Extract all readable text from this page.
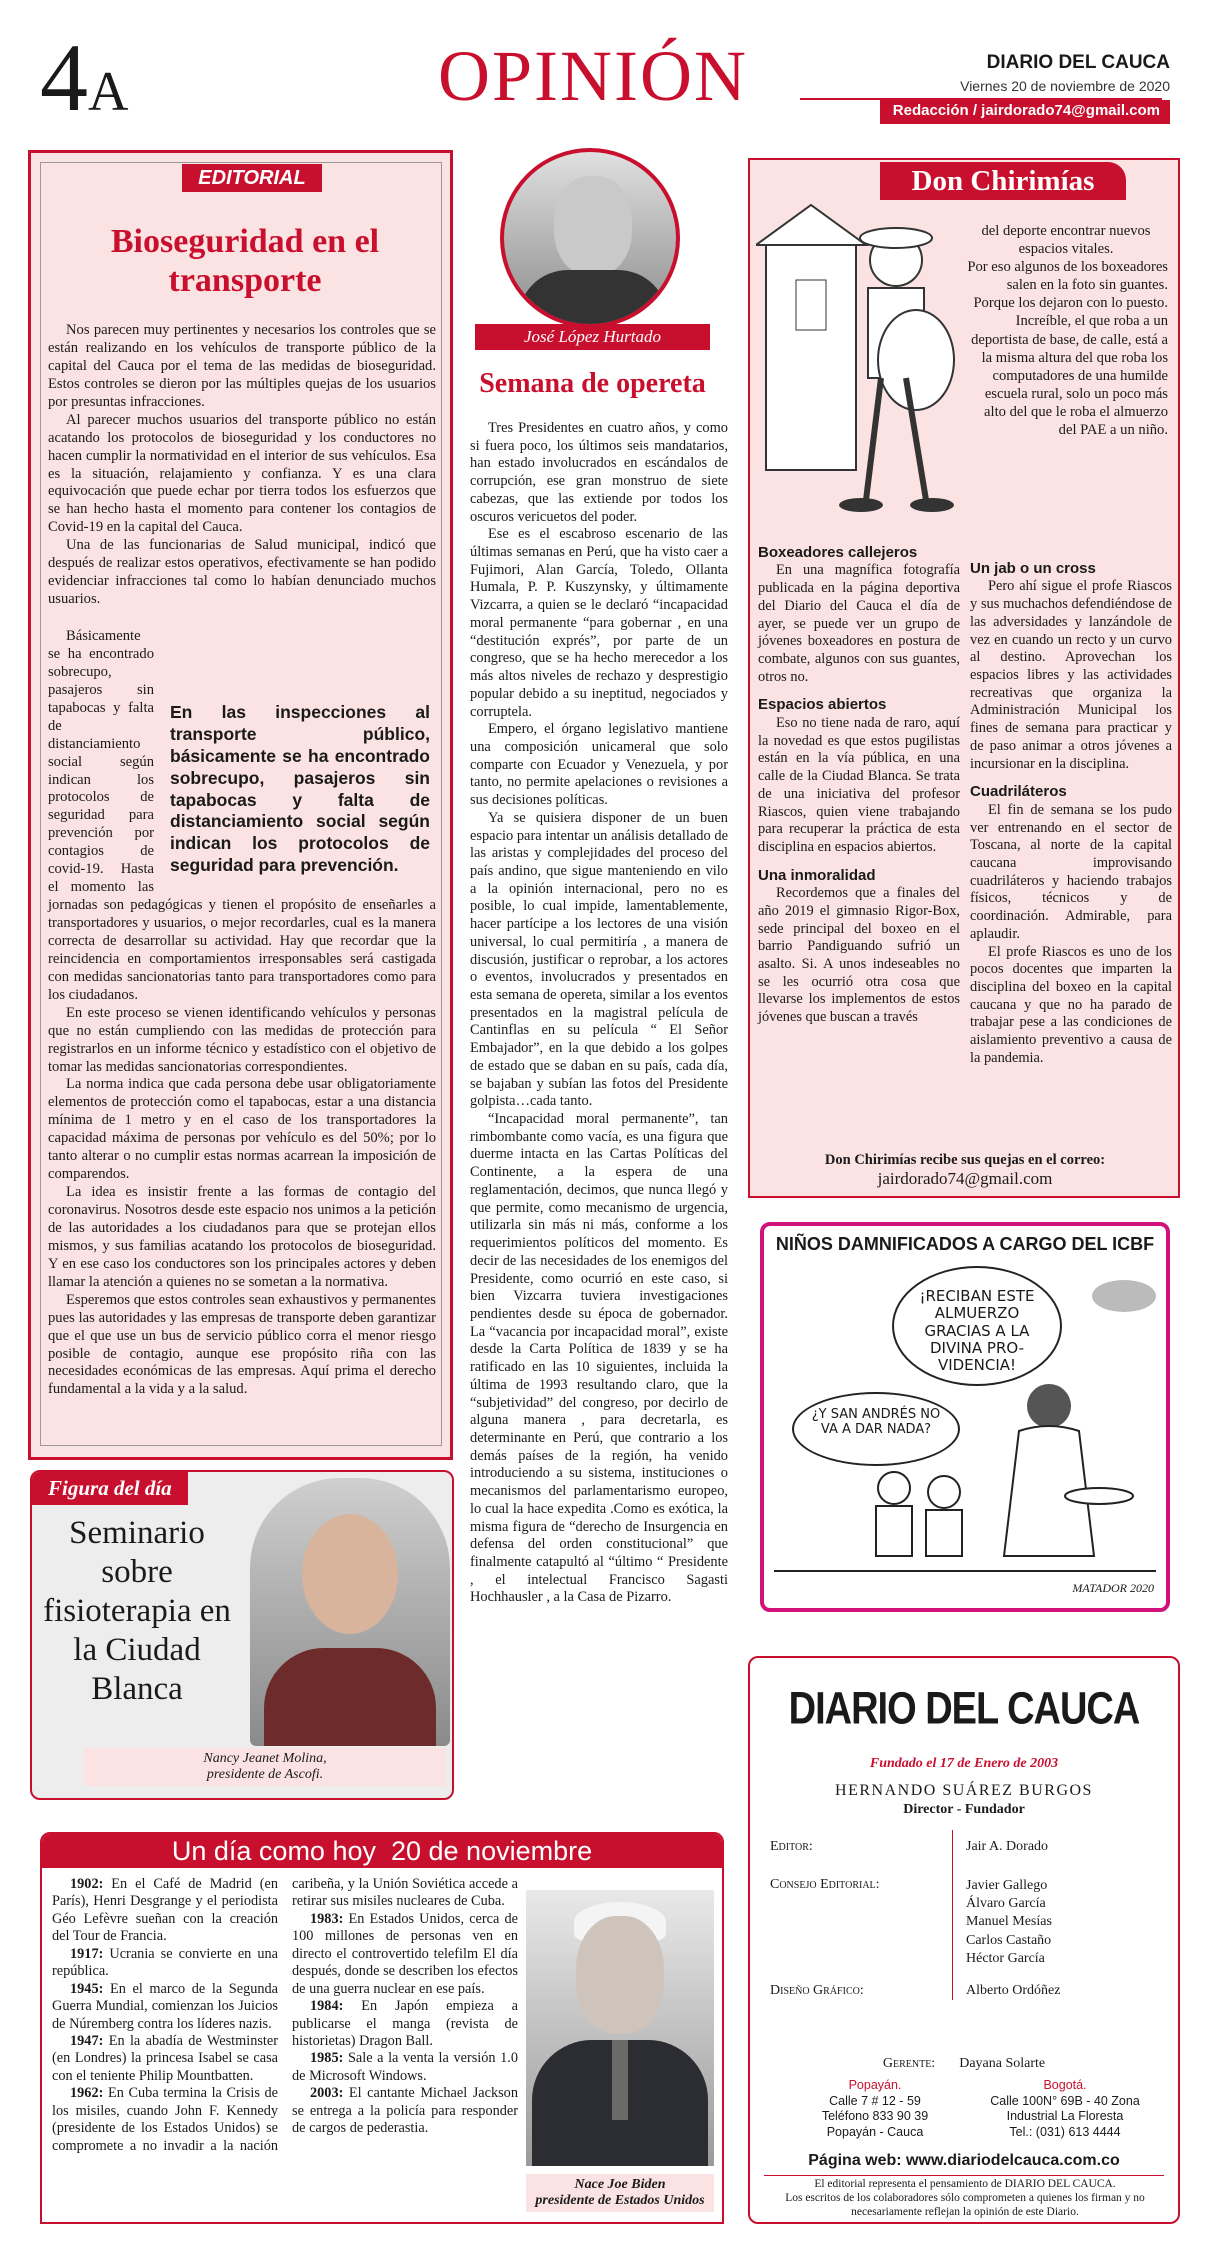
4A	OPINIÓN	DIARIO DEL CAUCA
Viernes 20 de noviembre de 2020
Redacción / jairdorado74@gmail.com
EDITORIAL
Bioseguridad en el transporte

Nos parecen muy pertinentes y necesarios los controles que se están realizando en los vehículos de transporte público de la capital del Cauca por el tema de las medidas de bioseguridad. Estos controles se dieron por las múltiples quejas de los usuarios por presuntas infracciones.

Al parecer muchos usuarios del transporte público no están acatando los protocolos de bioseguridad y los conductores no hacen cumplir la normatividad en el interior de sus vehículos. Esa es la situación, relajamiento y confianza. Y es una clara equivocación que puede echar por tierra todos los esfuerzos que se han hecho hasta el momento para contener los contagios de Covid-19 en la capital del Cauca.

Una de las funcionarias de Salud municipal, indicó que después de realizar estos operativos, efectivamente se han podido evidenciar infracciones tal como lo habían denunciado muchos usuarios.

En las inspecciones al transporte público, básicamente se ha encontrado sobrecupo, pasajeros sin tapabocas y falta de distanciamiento social según indican los protocolos de seguridad para prevención.

Básicamente se ha encontrado sobrecupo, pasajeros sin tapabocas y falta de distanciamiento social según indican los protocolos de seguridad para prevención por contagios de covid-19. Hasta el momento las jornadas son pedagógicas y tienen el propósito de enseñarles a transportadores y usuarios, o mejor recordarles, cual es la manera correcta de desarrollar su actividad. Hay que recordar que la reincidencia en comportamientos irresponsables será castigada con medidas sancionatorias tanto para transportadores como para los ciudadanos.

En este proceso se vienen identificando vehículos y personas que no están cumpliendo con las medidas de protección para registrarlos en un informe técnico y estadístico con el objetivo de tomar las medidas sancionatorias correspondientes.

La norma indica que cada persona debe usar obligatoriamente elementos de protección como el tapabocas, estar a una distancia mínima de 1 metro y en el caso de los transportadores la capacidad máxima de personas por vehículo es del 50%; por lo tanto alterar o no cumplir estas normas acarrean la imposición de comparendos.

La idea es insistir frente a las formas de contagio del coronavirus. Nosotros desde este espacio nos unimos a la petición de las autoridades a los ciudadanos para que se protejan ellos mismos, y sus familias acatando los protocolos de bioseguridad. Y en ese caso los conductores son los principales actores y deben llamar la atención a quienes no se sometan a la normativa.

Esperemos que estos controles sean exhaustivos y permanentes pues las autoridades y las empresas de transporte deben garantizar que el que use un bus de servicio público corra el menor riesgo posible de contagio, aunque ese propósito riña con las necesidades económicas de las empresas. Aquí prima el derecho fundamental a la vida y a la salud.

Figura del día
Seminario sobre fisioterapia en la Ciudad Blanca
Nancy Jeanet Molina,
presidente de Ascofi.
José López Hurtado
Semana de opereta

Tres Presidentes en cuatro años, y como si fuera poco, los últimos seis mandatarios, han estado involucrados en escándalos de corrupción, ese gran monstruo de siete cabezas, que las extiende por todos los oscuros vericuetos del poder.

Ese es el escabroso escenario de las últimas semanas en Perú, que ha visto caer a Fujimori, Alan García, Toledo, Ollanta Humala, P. P. Kuszynsky, y últimamente Vizcarra, a quien se le declaró “incapacidad moral permanente “para gobernar , en una “destitución exprés”, por parte de un congreso, que se ha hecho merecedor a los más altos niveles de rechazo y desprestigio popular debido a su ineptitud, negociados y corruptela.

Empero, el órgano legislativo mantiene una composición unicameral que solo comparte con Ecuador y Venezuela, y por tanto, no permite apelaciones o revisiones a sus decisiones políticas.

Ya se quisiera disponer de un buen espacio para intentar un análisis detallado de las aristas y complejidades del proceso del país andino, que sigue manteniendo en vilo a la opinión internacional, pero no es posible, lo cual impide, lamentablemente, hacer partícipe a los lectores de una visión universal, lo cual permitiría , a manera de discusión, justificar o reprobar, a los actores o eventos, involucrados y presentados en esta semana de opereta, similar a los eventos presentados en la magistral película de Cantinflas en su película “ El Señor Embajador”, en la que debido a los golpes de estado que se daban en su país, cada día, se bajaban y subían las fotos del Presidente golpista…cada tanto.

“Incapacidad moral permanente”, tan rimbombante como vacía, es una figura que duerme intacta en las Cartas Políticas del Continente, a la espera de una reglamentación, decimos, que nunca llegó y que permite, como mecanismo de urgencia, utilizarla sin más ni más, conforme a los requerimientos políticos del momento. Es decir de las necesidades de los enemigos del Presidente, como ocurrió en este caso, si bien Vizcarra tuviera investigaciones pendientes desde su época de gobernador. La “vacancia por incapacidad moral”, existe desde la Carta Política de 1839 y se ha ratificado en las 10 siguientes, incluida la última de 1993 resultando claro, que la “subjetividad” del congreso, por decirlo de alguna manera , para decretarla, es determinante en Perú, que contrario a los demás países de la región, ha venido introduciendo a su sistema, instituciones o mecanismos del parlamentarismo europeo, lo cual la hace expedita .Como es exótica, la misma figura de “derecho de Insurgencia en defensa del orden constitucional” que finalmente catapultó al “último “ Presidente , el intelectual Francisco Sagasti Hochhausler , a la Casa de Pizarro.

Don Chirimías
del deporte encontrar nuevos espacios vitales.
Por eso algunos de los boxeadores salen en la foto sin guantes. Porque los dejaron con lo puesto. Increíble, el que roba a un deportista de base, de calle, está a la misma altura del que roba los computadores de una humilde escuela rural, solo un poco más alto del que le roba el almuerzo del PAE a un niño.
Boxeadores callejeros

En una magnífica fotografía publicada en la página deportiva del Diario del Cauca el día de ayer, se puede ver un grupo de jóvenes boxeadores en postura de combate, algunos con sus guantes, otros no.

Espacios abiertos

Eso no tiene nada de raro, aquí la novedad es que estos pugilistas están en la vía pública, en una calle de la Ciudad Blanca. Se trata de una iniciativa del profesor Riascos, quien viene trabajando para recuperar la práctica de esta disciplina en espacios abiertos.

Una inmoralidad

Recordemos que a finales del año 2019 el gimnasio Rigor-Box, sede principal del boxeo en el barrio Pandiguando sufrió un asalto. Si. A unos indeseables no se les ocurrió otra cosa que llevarse los implementos de estos jóvenes que buscan a través

Un jab o un cross

Pero ahí sigue el profe Riascos y sus muchachos defendiéndose de las adversidades y lanzándole de vez en cuando un recto y un curvo al destino. Aprovechan los espacios libres y las actividades recreativas que organiza la Administración Municipal los fines de semana para practicar y de paso animar a otros jóvenes a incursionar en la disciplina.

Cuadriláteros

El fin de semana se los pudo ver entrenando en el sector de Toscana, al norte de la capital caucana improvisando cuadriláteros y haciendo trabajos físicos, técnicos y de coordinación. Admirable, para aplaudir.

El profe Riascos es uno de los pocos docentes que imparten la disciplina del boxeo en la capital caucana y que no ha parado de trabajar pese a las condiciones de aislamiento preventivo a causa de la pandemia.

Don Chirimías recibe sus quejas en el correo:
jairdorado74@gmail.com
NIÑOS DAMNIFICADOS A CARGO DEL ICBF
¡RECIBAN ESTE ALMUERZO GRACIAS A LA DIVINA PRO-VIDENCIA!
¿Y SAN ANDRÉS NO VA A DAR NADA?
MATADOR 2020
Un día como hoy  20 de noviembre

1902: En el Café de Madrid (en París), Henri Desgrange y el periodista Géo Lefèvre sueñan con la creación del Tour de Francia.

1917: Ucrania se convierte en una república.

1945: En el marco de la Segunda Guerra Mundial, comienzan los Juicios de Núremberg contra los líderes nazis.

1947: En la abadía de Westminster (en Londres) la princesa Isabel se casa con el teniente Philip Mountbatten.

1962: En Cuba termina la Crisis de los misiles, cuando John F. Kennedy (presidente de los Estados Unidos) se compromete a no invadir a la nación caribeña, y la Unión Soviética accede a retirar sus misiles nucleares de Cuba.

1983: En Estados Unidos, cerca de 100 millones de personas ven en directo el controvertido telefilm El día después, donde se describen los efectos de una guerra nuclear en ese país.

1984: En Japón empieza a publicarse el manga (revista de historietas) Dragon Ball.

1985: Sale a la venta la versión 1.0 de Microsoft Windows.

2003: El cantante Michael Jackson se entrega a la policía para responder de cargos de pederastia.

Nace Joe Biden
presidente de Estados Unidos
DIARIO DEL CAUCA
Fundado el 17 de Enero de 2003
HERNANDO SUÁREZ BURGOS
Director - Fundador
Editor:	Jair A. Dorado
Consejo Editorial:	Javier Gallego
Álvaro García
Manuel Mesías
Carlos Castaño
Héctor García

Diseño Gráfico:	Alberto Ordóñez
Gerente: Dayana Solarte
Popayán.
Calle 7 # 12 - 59
Teléfono 833 90 39
Popayán - Cauca
Bogotá.
Calle 100N° 69B - 40 Zona
Industrial La Floresta
Tel.: (031) 613 4444
Página web: www.diariodelcauca.com.co
El editorial representa el pensamiento de DIARIO DEL CAUCA.
Los escritos de los colaboradores sólo comprometen a quienes los firman y no necesariamente reflejan la opinión de este Diario.
